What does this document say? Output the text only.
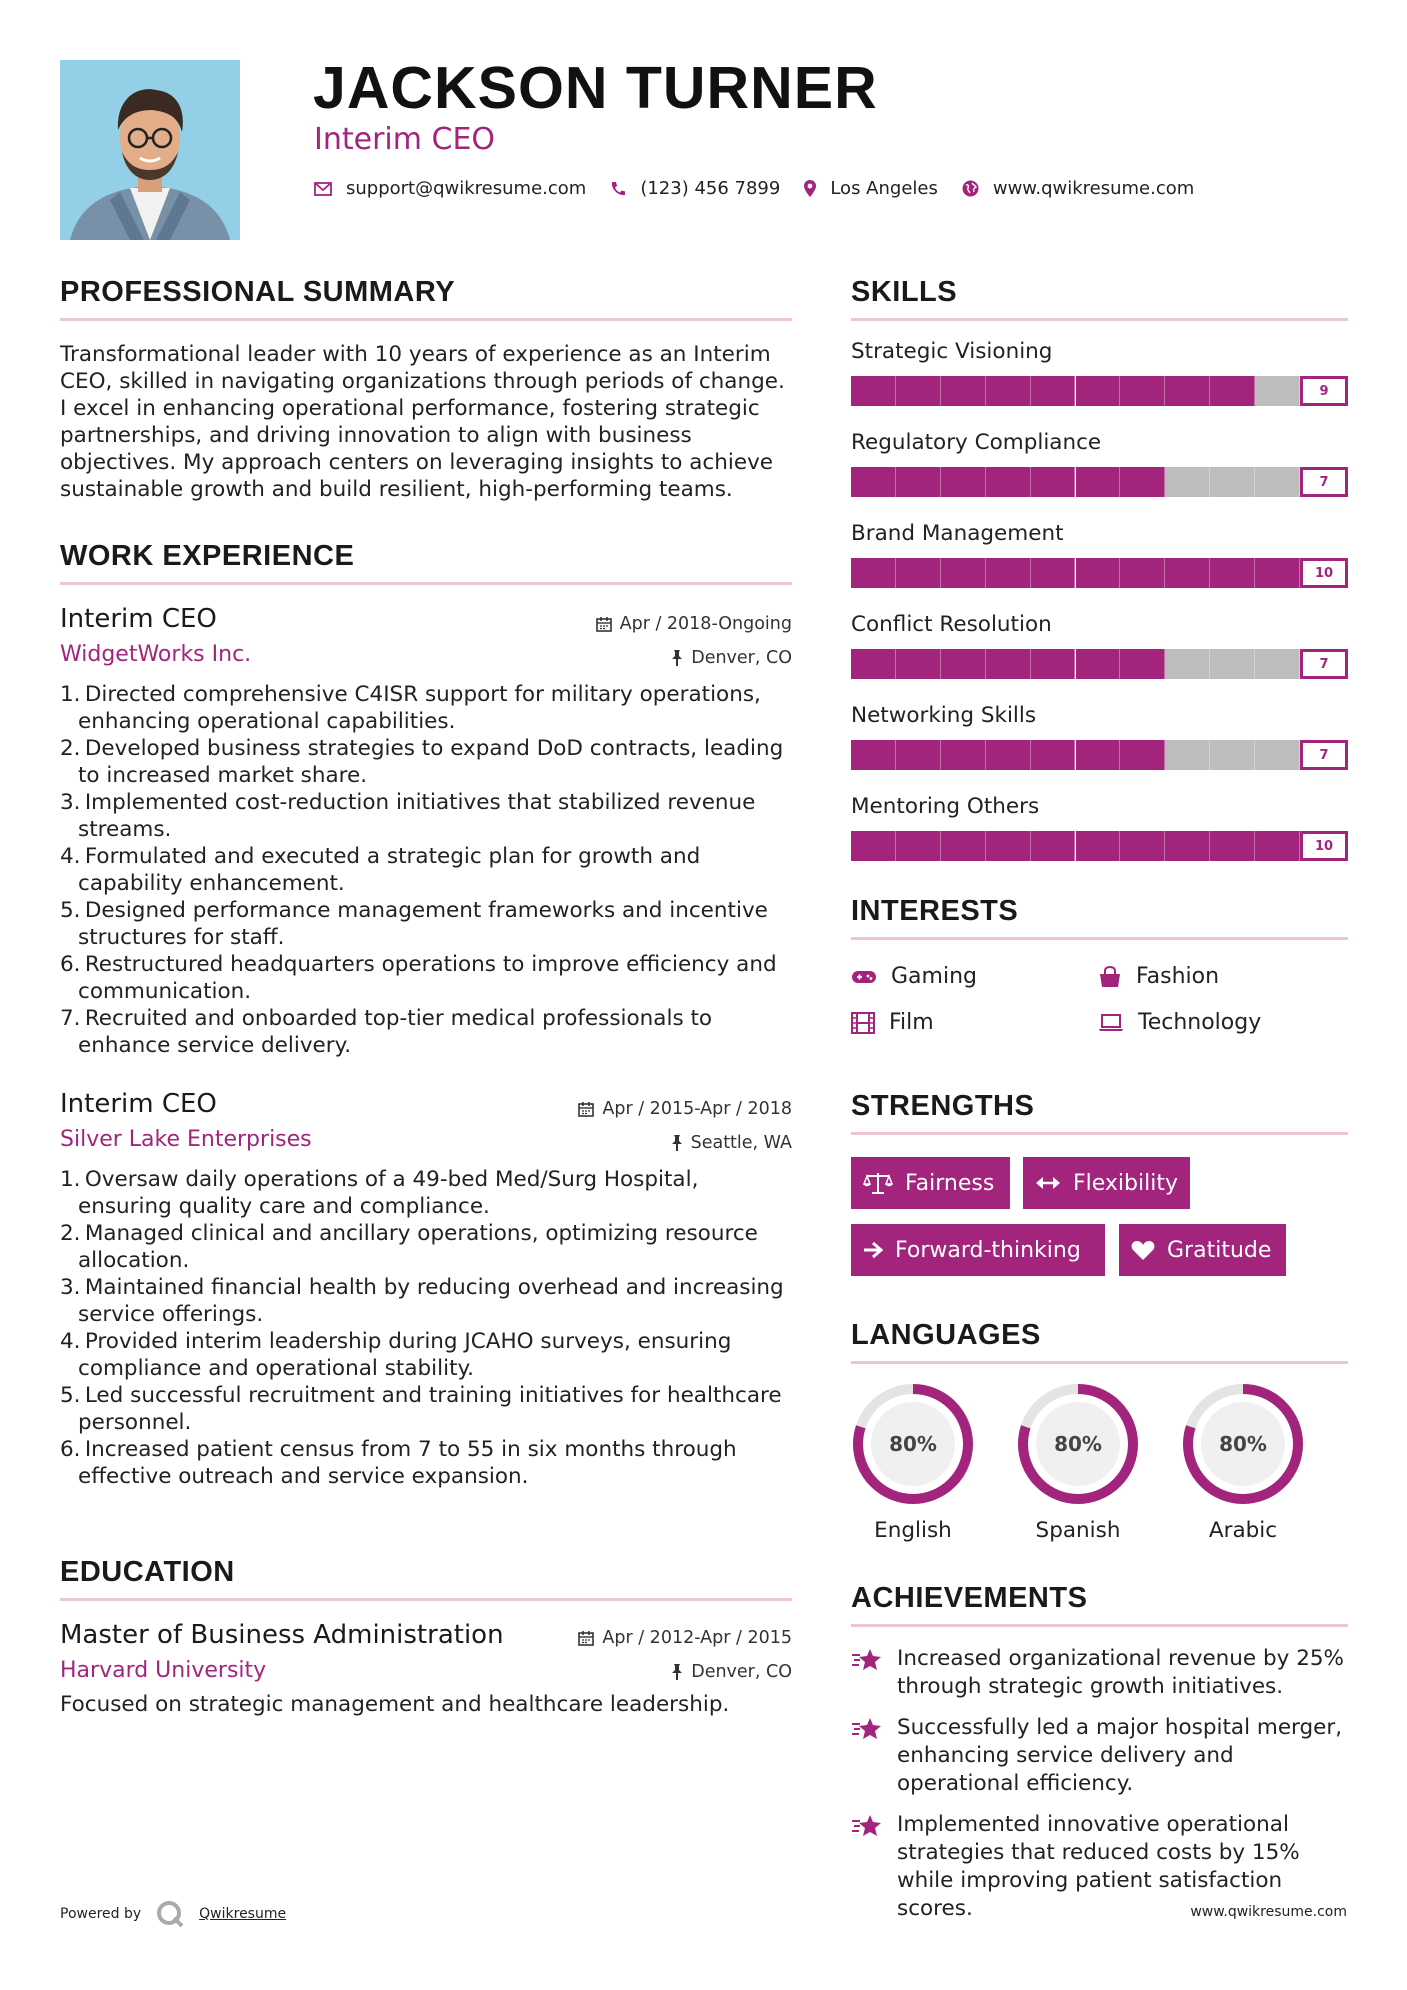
JACKSON TURNER
Interim CEO
support@qwikresume.com	(123) 456 7899	Los Angeles	www.qwikresume.com
PROFESSIONAL SUMMARY
Transformational leader with 10 years of experience as an Interim CEO, skilled in navigating organizations through periods of change. I excel in enhancing operational performance, fostering strategic partnerships, and driving innovation to align with business objectives. My approach centers on leveraging insights to achieve sustainable growth and build resilient, high-performing teams.
WORK EXPERIENCE
Apr / 2018-Ongoing
Denver, CO
Interim CEO
WidgetWorks Inc.
1.
Directed comprehensive C4ISR support for military operations, enhancing operational capabilities.
2.
Developed business strategies to expand DoD contracts, leading to increased market share.
3.
Implemented cost-reduction initiatives that stabilized revenue streams.
4.
Formulated and executed a strategic plan for growth and capability enhancement.
5.
Designed performance management frameworks and incentive structures for staff.
6.
Restructured headquarters operations to improve efficiency and communication.
7.
Recruited and onboarded top-tier medical professionals to enhance service delivery.
Apr / 2015-Apr / 2018
Seattle, WA
Interim CEO
Silver Lake Enterprises
1.
Oversaw daily operations of a 49-bed Med/Surg Hospital, ensuring quality care and compliance.
2.
Managed clinical and ancillary operations, optimizing resource allocation.
3.
Maintained financial health by reducing overhead and increasing service offerings.
4.
Provided interim leadership during JCAHO surveys, ensuring compliance and operational stability.
5.
Led successful recruitment and training initiatives for healthcare personnel.
6.
Increased patient census from 7 to 55 in six months through effective outreach and service expansion.
EDUCATION
Apr / 2012-Apr / 2015
Denver, CO
Master of Business Administration
Harvard University
Focused on strategic management and healthcare leadership.
SKILLS
Strategic Visioning
9
Regulatory Compliance
7
Brand Management
10
Conflict Resolution
7
Networking Skills
7
Mentoring Others
10
INTERESTS
Gaming	Fashion
Film	Technology
STRENGTHS
Fairness	Flexibility
Forward-thinking	Gratitude
LANGUAGES
80%
English
80%
Spanish
80%
Arabic
ACHIEVEMENTS
Increased organizational revenue by 25% through strategic growth initiatives.
Successfully led a major hospital merger, enhancing service delivery and operational efficiency.
Implemented innovative operational strategies that reduced costs by 15% while improving patient satisfaction scores.
Powered by	Qwikresume	www.qwikresume.com
